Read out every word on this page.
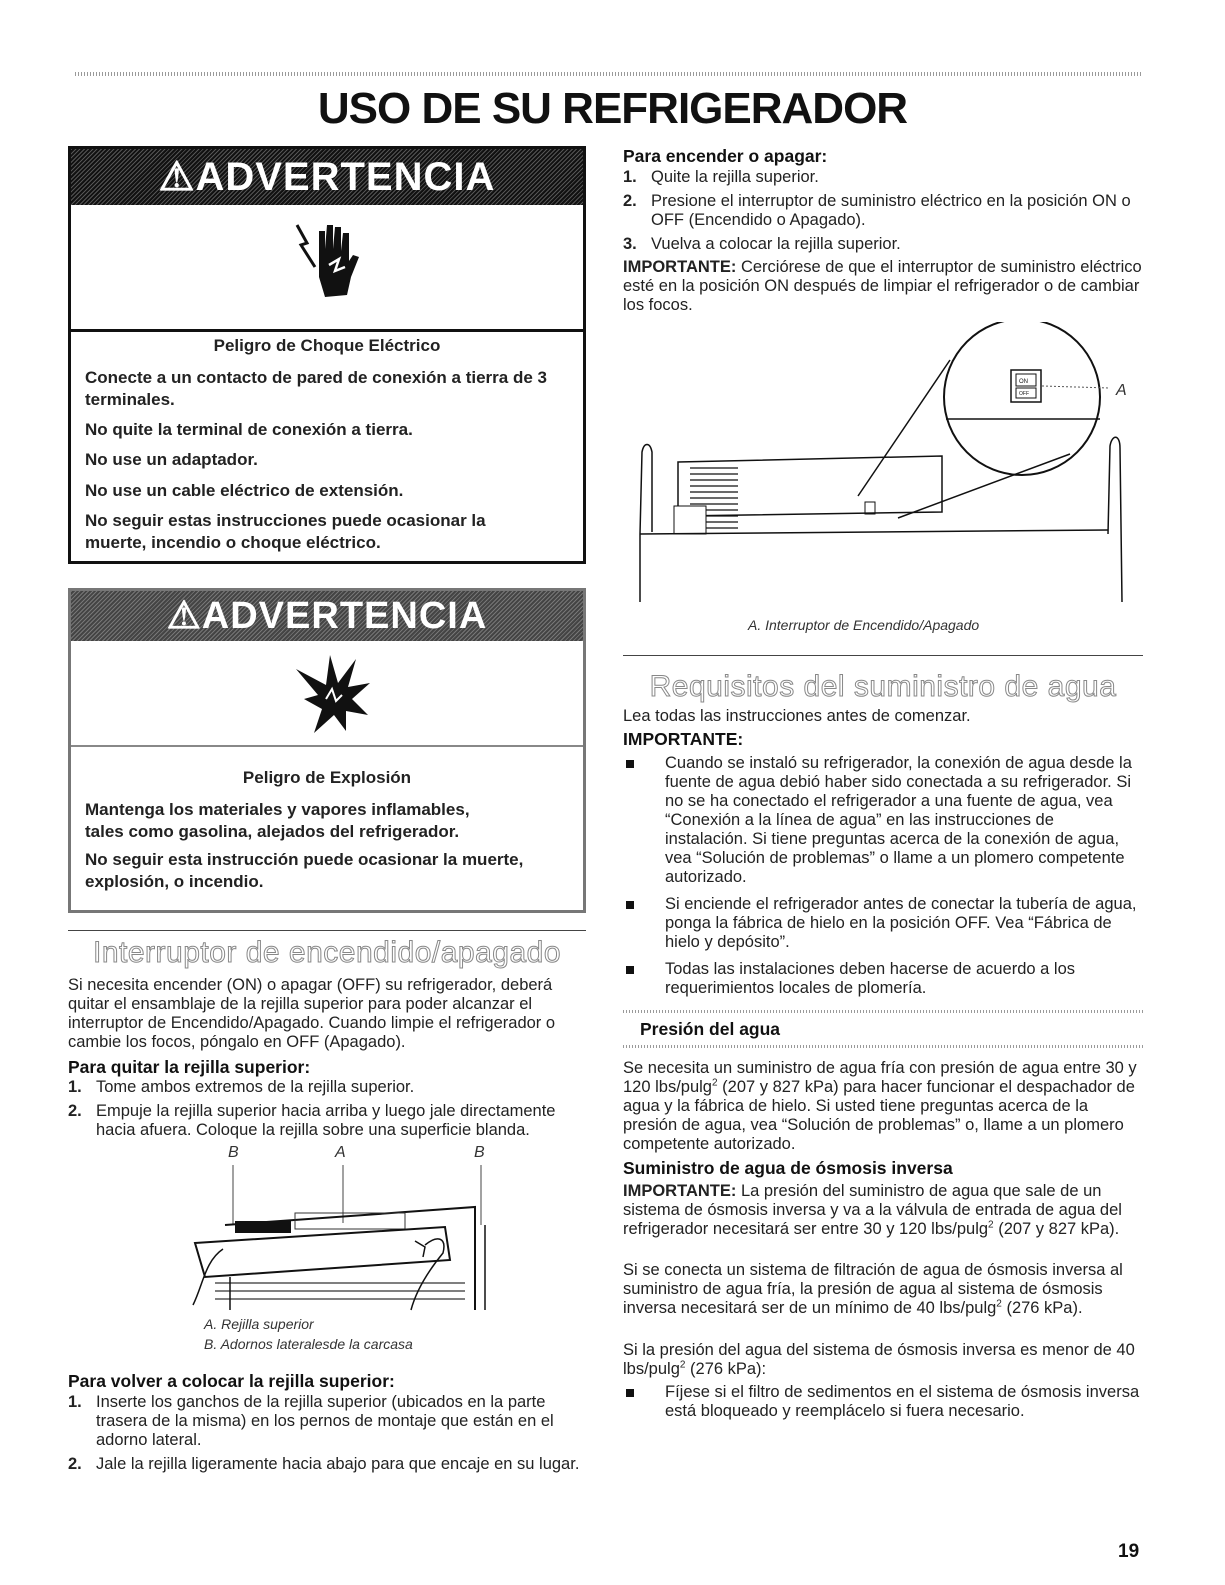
USO DE SU REFRIGERADOR
⚠ADVERTENCIA
Peligro de Choque Eléctrico
Conecte a un contacto de pared de conexión a tierra de 3 terminales.
No quite la terminal de conexión a tierra.
No use un adaptador.
No use un cable eléctrico de extensión.
No seguir estas instrucciones puede ocasionar la muerte, incendio o choque eléctrico.
⚠ADVERTENCIA
Peligro de Explosión
Mantenga los materiales y vapores inflamables, tales como gasolina, alejados del refrigerador.
No seguir esta instrucción puede ocasionar la muerte, explosión, o incendio.
Interruptor de encendido/apagado
Si necesita encender (ON) o apagar (OFF) su refrigerador, deberá quitar el ensamblaje de la rejilla superior para poder alcanzar el interruptor de Encendido/Apagado. Cuando limpie el refrigerador o cambie los focos, póngalo en OFF (Apagado).
Para quitar la rejilla superior:
1. Tome ambos extremos de la rejilla superior.
2. Empuje la rejilla superior hacia arriba y luego jale directamente hacia afuera. Coloque la rejilla sobre una superficie blanda.
B	A	B
A. Rejilla superior
B. Adornos lateralesde la carcasa
Para volver a colocar la rejilla superior:
1. Inserte los ganchos de la rejilla superior (ubicados en la parte trasera de la misma) en los pernos de montaje que están en el adorno lateral.
2. Jale la rejilla ligeramente hacia abajo para que encaje en su lugar.
Para encender o apagar:
1. Quite la rejilla superior.
2. Presione el interruptor de suministro eléctrico en la posición ON o OFF (Encendido o Apagado).
3. Vuelva a colocar la rejilla superior.
IMPORTANTE: Cerciórese de que el interruptor de suministro eléctrico esté en la posición ON después de limpiar el refrigerador o de cambiar los focos.
ON
OFF	A
A. Interruptor de Encendido/Apagado
Requisitos del suministro de agua
Lea todas las instrucciones antes de comenzar.
IMPORTANTE:
Cuando se instaló su refrigerador, la conexión de agua desde la fuente de agua debió haber sido conectada a su refrigerador. Si no se ha conectado el refrigerador a una fuente de agua, vea “Conexión a la línea de agua” en las instrucciones de instalación. Si tiene preguntas acerca de la conexión de agua, vea “Solución de problemas” o llame a un plomero competente autorizado.
Si enciende el refrigerador antes de conectar la tubería de agua, ponga la fábrica de hielo en la posición OFF. Vea “Fábrica de hielo y depósito”.
Todas las instalaciones deben hacerse de acuerdo a los requerimientos locales de plomería.
Presión del agua
Se necesita un suministro de agua fría con presión de agua entre 30 y 120 lbs/pulg$^2$ (207 y 827 kPa) para hacer funcionar el despachador de agua y la fábrica de hielo. Si usted tiene preguntas acerca de la presión de agua, vea “Solución de problemas” o, llame a un plomero competente autorizado.
Suministro de agua de ósmosis inversa
IMPORTANTE: La presión del suministro de agua que sale de un sistema de ósmosis inversa y va a la válvula de entrada de agua del refrigerador necesitará ser entre 30 y 120 lbs/pulg$^2$ (207 y 827 kPa).
Si se conecta un sistema de filtración de agua de ósmosis inversa al suministro de agua fría, la presión de agua al sistema de ósmosis inversa necesitará ser de un mínimo de 40 lbs/pulg$^2$ (276 kPa).
Si la presión del agua del sistema de ósmosis inversa es menor de 40 lbs/pulg$^2$ (276 kPa):
Fíjese si el filtro de sedimentos en el sistema de ósmosis inversa está bloqueado y reemplácelo si fuera necesario.
19
